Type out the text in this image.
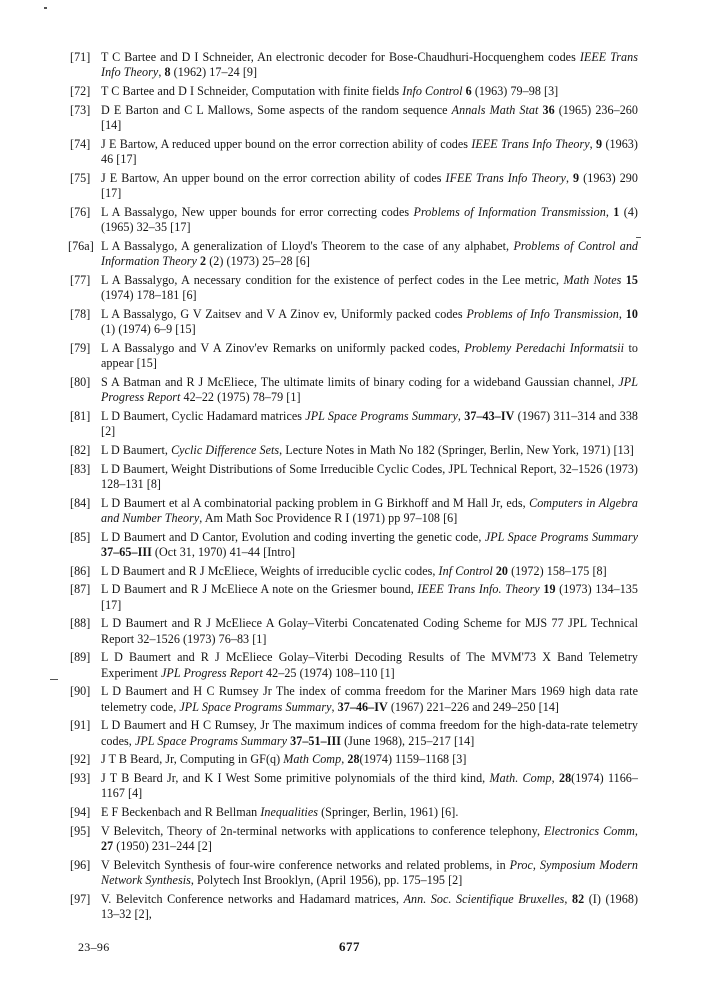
[71] T C Bartee and D I Schneider, An electronic decoder for Bose-Chaudhuri-Hocquenghem codes IEEE Trans Info Theory, 8 (1962) 17–24 [9]
[72] T C Bartee and D I Schneider, Computation with finite fields Info Control 6 (1963) 79–98 [3]
[73] D E Barton and C L Mallows, Some aspects of the random sequence Annals Math Stat 36 (1965) 236–260 [14]
[74] J E Bartow, A reduced upper bound on the error correction ability of codes IEEE Trans Info Theory, 9 (1963) 46 [17]
[75] J E Bartow, An upper bound on the error correction ability of codes IFEE Trans Info Theory, 9 (1963) 290 [17]
[76] L A Bassalygo, New upper bounds for error correcting codes Problems of Information Transmission, 1 (4) (1965) 32–35 [17]
[76a] L A Bassalygo, A generalization of Lloyd's Theorem to the case of any alphabet, Problems of Control and Information Theory 2 (2) (1973) 25–28 [6]
[77] L A Bassalygo, A necessary condition for the existence of perfect codes in the Lee metric, Math Notes 15 (1974) 178–181 [6]
[78] L A Bassalygo, G V Zaitsev and V A Zinov ev, Uniformly packed codes Problems of Info Transmission, 10 (1) (1974) 6–9 [15]
[79] L A Bassalygo and V A Zinov'ev Remarks on uniformly packed codes, Problemy Peredachi Informatsii to appear [15]
[80] S A Batman and R J McEliece, The ultimate limits of binary coding for a wideband Gaussian channel, JPL Progress Report 42–22 (1975) 78–79 [1]
[81] L D Baumert, Cyclic Hadamard matrices JPL Space Programs Summary, 37–43–IV (1967) 311–314 and 338 [2]
[82] L D Baumert, Cyclic Difference Sets, Lecture Notes in Math No 182 (Springer, Berlin, New York, 1971) [13]
[83] L D Baumert, Weight Distributions of Some Irreducible Cyclic Codes, JPL Technical Report, 32–1526 (1973) 128–131 [8]
[84] L D Baumert et al A combinatorial packing problem in G Birkhoff and M Hall Jr, eds, Computers in Algebra and Number Theory, Am Math Soc Providence R I (1971) pp 97–108 [6]
[85] L D Baumert and D Cantor, Evolution and coding inverting the genetic code, JPL Space Programs Summary 37–65–III (Oct 31, 1970) 41–44 [Intro]
[86] L D Baumert and R J McEliece, Weights of irreducible cyclic codes, Inf Control 20 (1972) 158–175 [8]
[87] L D Baumert and R J McEliece A note on the Griesmer bound, IEEE Trans Info. Theory 19 (1973) 134–135 [17]
[88] L D Baumert and R J McEliece A Golay–Viterbi Concatenated Coding Scheme for MJS 77 JPL Technical Report 32–1526 (1973) 76–83 [1]
[89] L D Baumert and R J McEliece Golay–Viterbi Decoding Results of The MVM'73 X Band Telemetry Experiment JPL Progress Report 42–25 (1974) 108–110 [1]
[90] L D Baumert and H C Rumsey Jr The index of comma freedom for the Mariner Mars 1969 high data rate telemetry code, JPL Space Programs Summary, 37–46–IV (1967) 221–226 and 249–250 [14]
[91] L D Baumert and H C Rumsey, Jr The maximum indices of comma freedom for the high-data-rate telemetry codes, JPL Space Programs Summary 37–51–III (June 1968), 215–217 [14]
[92] J T B Beard, Jr, Computing in GF(q) Math Comp, 28(1974) 1159–1168 [3]
[93] J T B Beard Jr, and K I West Some primitive polynomials of the third kind, Math. Comp, 28(1974) 1166–1167 [4]
[94] E F Beckenbach and R Bellman Inequalities (Springer, Berlin, 1961) [6].
[95] V Belevitch, Theory of 2n-terminal networks with applications to conference telephony, Electronics Comm, 27 (1950) 231–244 [2]
[96] V Belevitch Synthesis of four-wire conference networks and related problems, in Proc, Symposium Modern Network Synthesis, Polytech Inst Brooklyn, (April 1956), pp. 175–195 [2]
[97] V. Belevitch Conference networks and Hadamard matrices, Ann. Soc. Scientifique Bruxelles, 82 (I) (1968) 13–32 [2],
23–96	677
